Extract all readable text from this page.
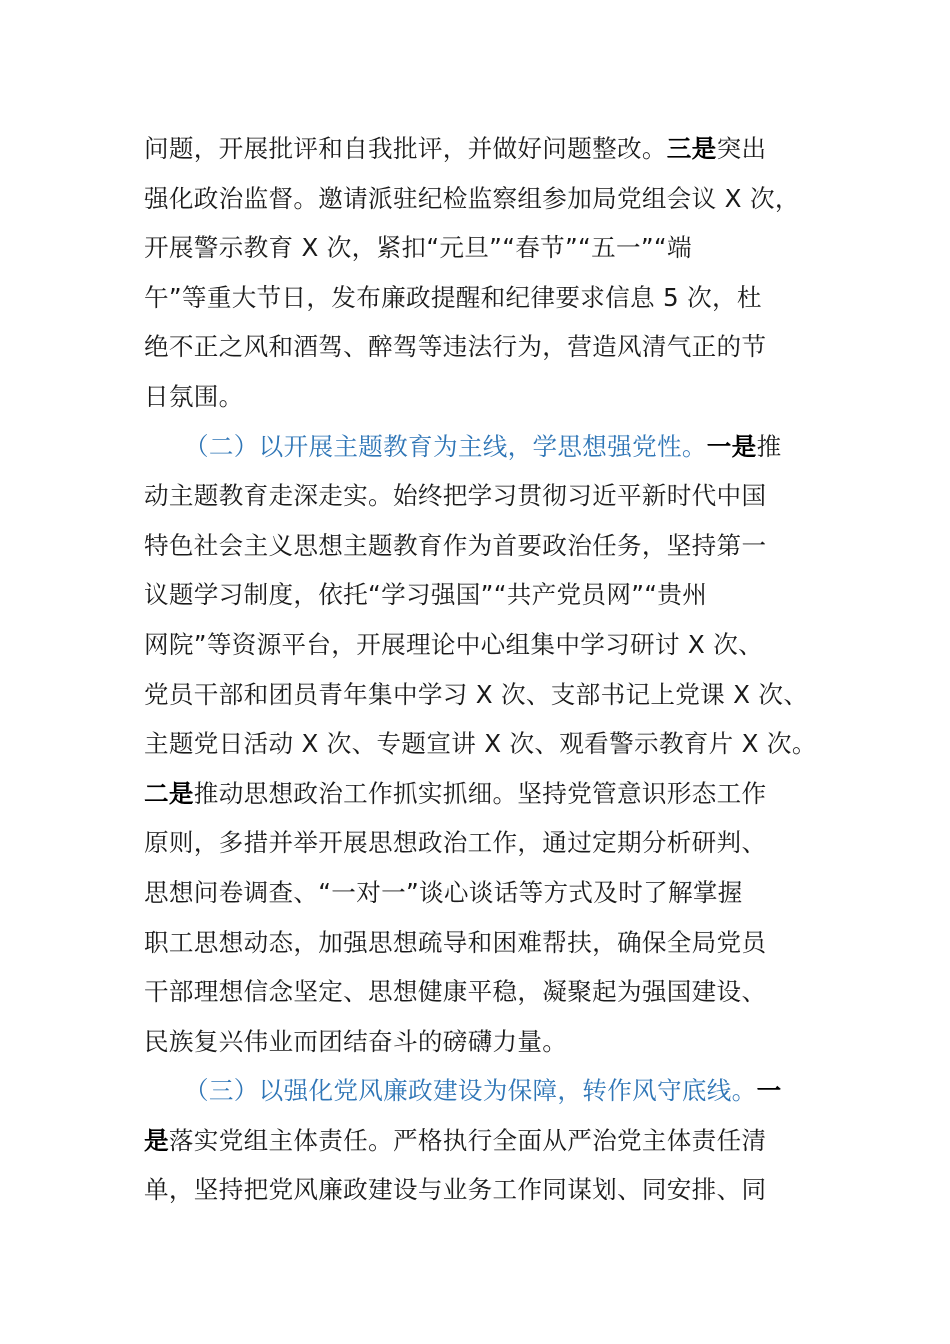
问题，开展批评和自我批评，并做好问题整改。三是突出
强化政治监督。邀请派驻纪检监察组参加局党组会议 X 次，
开展警示教育 X 次，紧扣“元旦”“春节”“五一”“端
午”等重大节日，发布廉政提醒和纪律要求信息 5 次，杜
绝不正之风和酒驾、醉驾等违法行为，营造风清气正的节
日氛围。
（二）以开展主题教育为主线，学思想强党性。一是推
动主题教育走深走实。始终把学习贯彻习近平新时代中国
特色社会主义思想主题教育作为首要政治任务，坚持第一
议题学习制度，依托“学习强国”“共产党员网”“贵州
网院”等资源平台，开展理论中心组集中学习研讨 X 次、
党员干部和团员青年集中学习 X 次、支部书记上党课 X 次、
主题党日活动 X 次、专题宣讲 X 次、观看警示教育片 X 次。
二是推动思想政治工作抓实抓细。坚持党管意识形态工作
原则，多措并举开展思想政治工作，通过定期分析研判、
思想问卷调查、“一对一”谈心谈话等方式及时了解掌握
职工思想动态，加强思想疏导和困难帮扶，确保全局党员
干部理想信念坚定、思想健康平稳，凝聚起为强国建设、
民族复兴伟业而团结奋斗的磅礴力量。
（三）以强化党风廉政建设为保障，转作风守底线。一
是落实党组主体责任。严格执行全面从严治党主体责任清
单，坚持把党风廉政建设与业务工作同谋划、同安排、同
